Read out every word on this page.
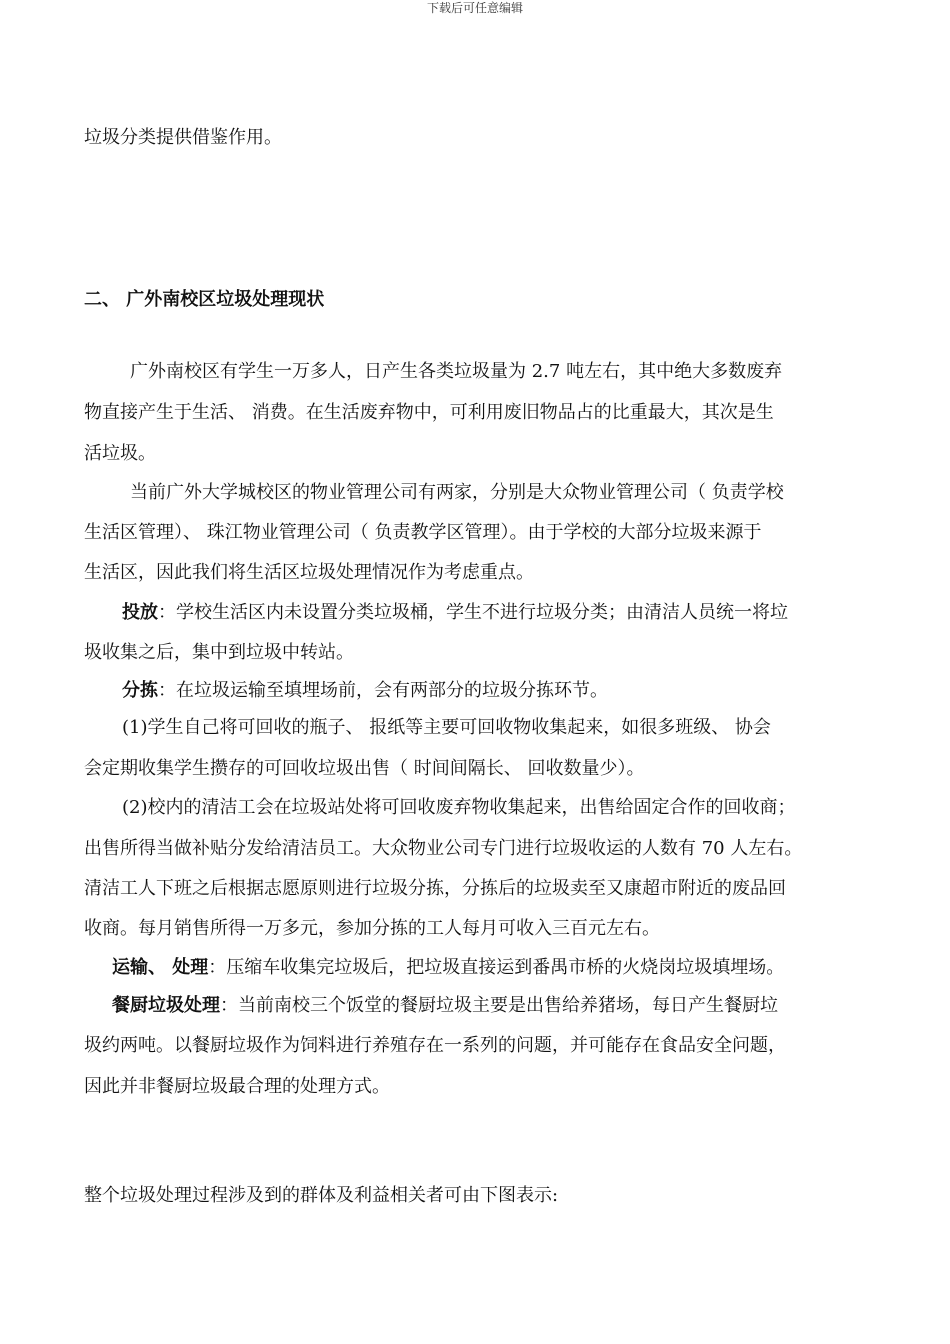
下载后可任意编辑
垃圾分类提供借鉴作用。
二、 广外南校区垃圾处理现状
广外南校区有学生一万多人，日产生各类垃圾量为 2.7 吨左右，其中绝大多数废弃
物直接产生于生活、 消费。在生活废弃物中，可利用废旧物品占的比重最大，其次是生
活垃圾。
当前广外大学城校区的物业管理公司有两家，分别是大众物业管理公司（ 负责学校
生活区管理）、 珠江物业管理公司（ 负责教学区管理）。由于学校的大部分垃圾来源于
生活区，因此我们将生活区垃圾处理情况作为考虑重点。
投放：学校生活区内未设置分类垃圾桶，学生不进行垃圾分类；由清洁人员统一将垃
圾收集之后，集中到垃圾中转站。
分拣：在垃圾运输至填埋场前，会有两部分的垃圾分拣环节。
(1)学生自己将可回收的瓶子、 报纸等主要可回收物收集起来，如很多班级、 协会
会定期收集学生攒存的可回收垃圾出售（ 时间间隔长、 回收数量少）。
(2)校内的清洁工会在垃圾站处将可回收废弃物收集起来，出售给固定合作的回收商；
出售所得当做补贴分发给清洁员工。大众物业公司专门进行垃圾收运的人数有 70 人左右。
清洁工人下班之后根据志愿原则进行垃圾分拣，分拣后的垃圾卖至又康超市附近的废品回
收商。每月销售所得一万多元，参加分拣的工人每月可收入三百元左右。
运输、 处理：压缩车收集完垃圾后，把垃圾直接运到番禺市桥的火烧岗垃圾填埋场。
餐厨垃圾处理：当前南校三个饭堂的餐厨垃圾主要是出售给养猪场，每日产生餐厨垃
圾约两吨。以餐厨垃圾作为饲料进行养殖存在一系列的问题，并可能存在食品安全问题，
因此并非餐厨垃圾最合理的处理方式。
整个垃圾处理过程涉及到的群体及利益相关者可由下图表示:
